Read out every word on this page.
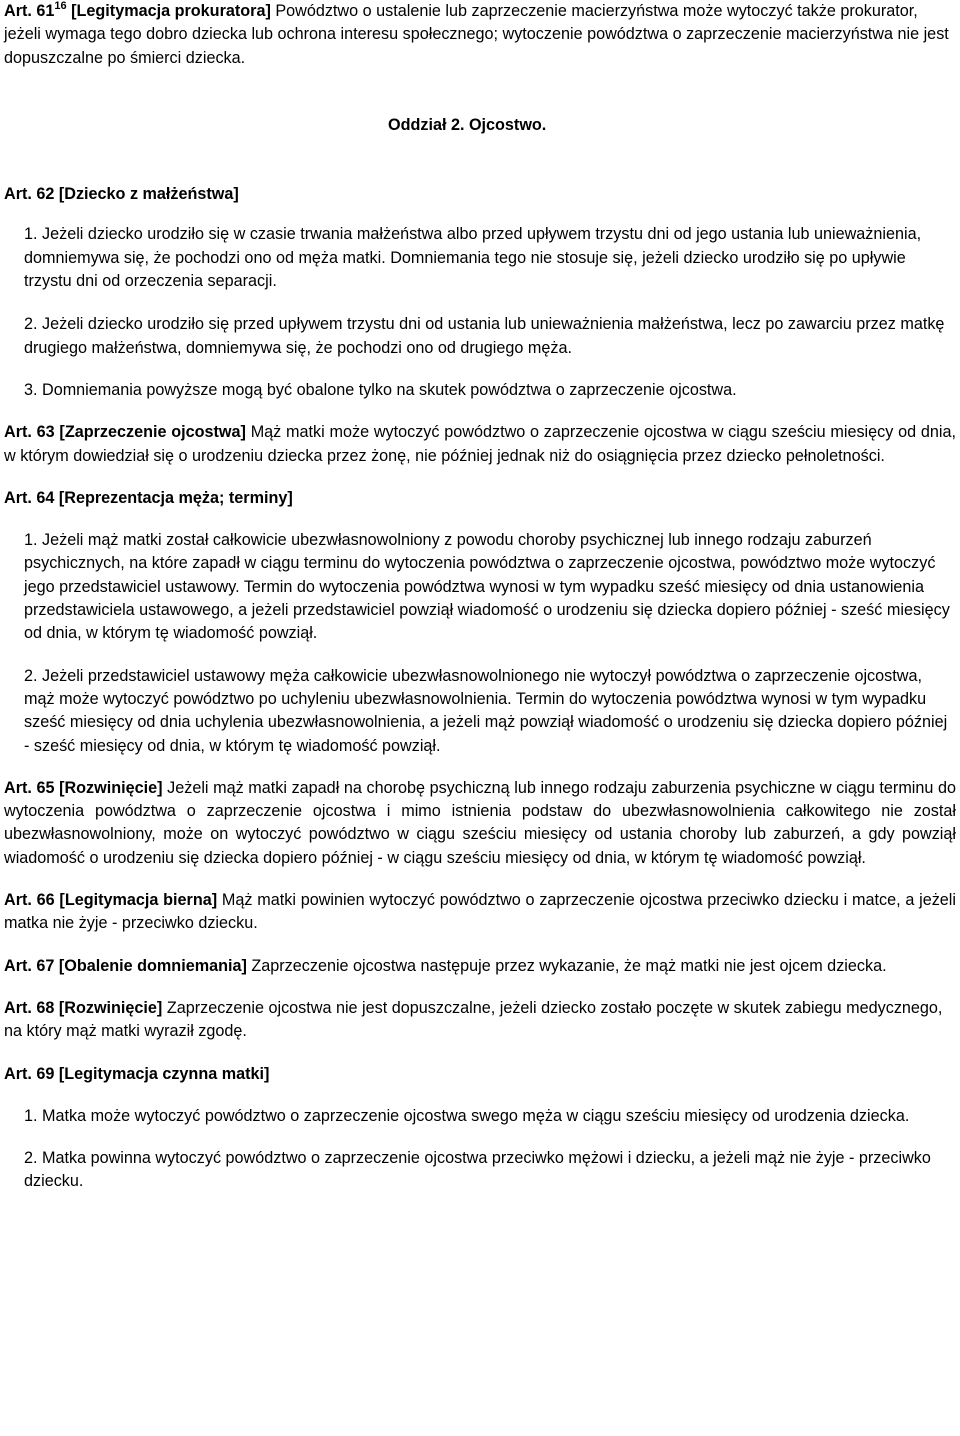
Art. $61^{16}$ [Legitymacja prokuratora] Powództwo o ustalenie lub zaprzeczenie macierzyństwa może wytoczyć także prokurator, jeżeli wymaga tego dobro dziecka lub ochrona interesu społecznego; wytoczenie powództwa o zaprzeczenie macierzyństwa nie jest dopuszczalne po śmierci dziecka.

Oddział 2. Ojcostwo.

Art. 62 [Dziecko z małżeństwa]

1. Jeżeli dziecko urodziło się w czasie trwania małżeństwa albo przed upływem trzystu dni od jego ustania lub unieważnienia, domniemywa się, że pochodzi ono od męża matki. Domniemania tego nie stosuje się, jeżeli dziecko urodziło się po upływie trzystu dni od orzeczenia separacji.

2. Jeżeli dziecko urodziło się przed upływem trzystu dni od ustania lub unieważnienia małżeństwa, lecz po zawarciu przez matkę drugiego małżeństwa, domniemywa się, że pochodzi ono od drugiego męża.

3. Domniemania powyższe mogą być obalone tylko na skutek powództwa o zaprzeczenie ojcostwa.

Art. 63 [Zaprzeczenie ojcostwa] Mąż matki może wytoczyć powództwo o zaprzeczenie ojcostwa w ciągu sześciu miesięcy od dnia, w którym dowiedział się o urodzeniu dziecka przez żonę, nie później jednak niż do osiągnięcia przez dziecko pełnoletności.

Art. 64 [Reprezentacja męża; terminy]

1. Jeżeli mąż matki został całkowicie ubezwłasnowolniony z powodu choroby psychicznej lub innego rodzaju zaburzeń psychicznych, na które zapadł w ciągu terminu do wytoczenia powództwa o zaprzeczenie ojcostwa, powództwo może wytoczyć jego przedstawiciel ustawowy. Termin do wytoczenia powództwa wynosi w tym wypadku sześć miesięcy od dnia ustanowienia przedstawiciela ustawowego, a jeżeli przedstawiciel powziął wiadomość o urodzeniu się dziecka dopiero później - sześć miesięcy od dnia, w którym tę wiadomość powziął.

2. Jeżeli przedstawiciel ustawowy męża całkowicie ubezwłasnowolnionego nie wytoczył powództwa o zaprzeczenie ojcostwa, mąż może wytoczyć powództwo po uchyleniu ubezwłasnowolnienia. Termin do wytoczenia powództwa wynosi w tym wypadku sześć miesięcy od dnia uchylenia ubezwłasnowolnienia, a jeżeli mąż powziął wiadomość o urodzeniu się dziecka dopiero później - sześć miesięcy od dnia, w którym tę wiadomość powziął.

Art. 65 [Rozwinięcie] Jeżeli mąż matki zapadł na chorobę psychiczną lub innego rodzaju zaburzenia psychiczne w ciągu terminu do wytoczenia powództwa o zaprzeczenie ojcostwa i mimo istnienia podstaw do ubezwłasnowolnienia całkowitego nie został ubezwłasnowolniony, może on wytoczyć powództwo w ciągu sześciu miesięcy od ustania choroby lub zaburzeń, a gdy powziął wiadomość o urodzeniu się dziecka dopiero później - w ciągu sześciu miesięcy od dnia, w którym tę wiadomość powziął.

Art. 66 [Legitymacja bierna] Mąż matki powinien wytoczyć powództwo o zaprzeczenie ojcostwa przeciwko dziecku i matce, a jeżeli matka nie żyje - przeciwko dziecku.

Art. 67 [Obalenie domniemania] Zaprzeczenie ojcostwa następuje przez wykazanie, że mąż matki nie jest ojcem dziecka.

Art. 68 [Rozwinięcie] Zaprzeczenie ojcostwa nie jest dopuszczalne, jeżeli dziecko zostało poczęte w skutek zabiegu medycznego, na który mąż matki wyraził zgodę.

Art. 69 [Legitymacja czynna matki]

1. Matka może wytoczyć powództwo o zaprzeczenie ojcostwa swego męża w ciągu sześciu miesięcy od urodzenia dziecka.

2. Matka powinna wytoczyć powództwo o zaprzeczenie ojcostwa przeciwko mężowi i dziecku, a jeżeli mąż nie żyje - przeciwko dziecku.
